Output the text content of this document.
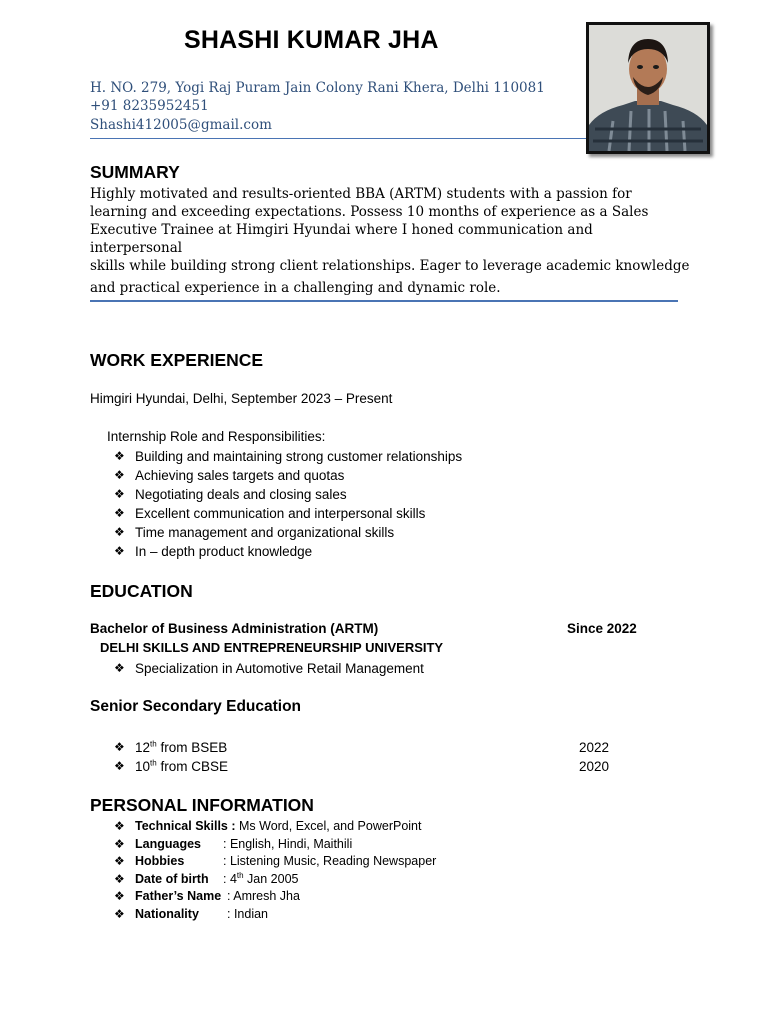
SHASHI KUMAR JHA
H. NO. 279, Yogi Raj Puram Jain Colony Rani Khera, Delhi 110081
+91 8235952451
Shashi412005@gmail.com
SUMMARY
Highly motivated and results-oriented BBA (ARTM) students with a passion for learning and exceeding expectations. Possess 10 months of experience as a Sales Executive Trainee at Himgiri Hyundai where I honed communication and interpersonal
skills while building strong client relationships. Eager to leverage academic knowledge
and practical experience in a challenging and dynamic role.
WORK EXPERIENCE
Himgiri Hyundai, Delhi, September 2023 – Present
Internship Role and Responsibilities:
❖ Building and maintaining strong customer relationships
❖ Achieving sales targets and quotas
❖ Negotiating deals and closing sales
❖ Excellent communication and interpersonal skills
❖ Time management and organizational skills
❖ In – depth product knowledge
EDUCATION
Bachelor of Business Administration (ARTM)	Since 2022
DELHI SKILLS AND ENTREPRENEURSHIP UNIVERSITY
❖ Specialization in Automotive Retail Management
Senior Secondary Education
❖ 12th from BSEB	2022
❖ 10th from CBSE	2020
PERSONAL INFORMATION
❖ Technical Skills : Ms Word, Excel, and PowerPoint
❖ Languages : English, Hindi, Maithili
❖ Hobbies	: Listening Music, Reading Newspaper
❖ Date of birth : 4th Jan 2005
❖ Father’s Name : Amresh Jha
❖ Nationality : Indian
